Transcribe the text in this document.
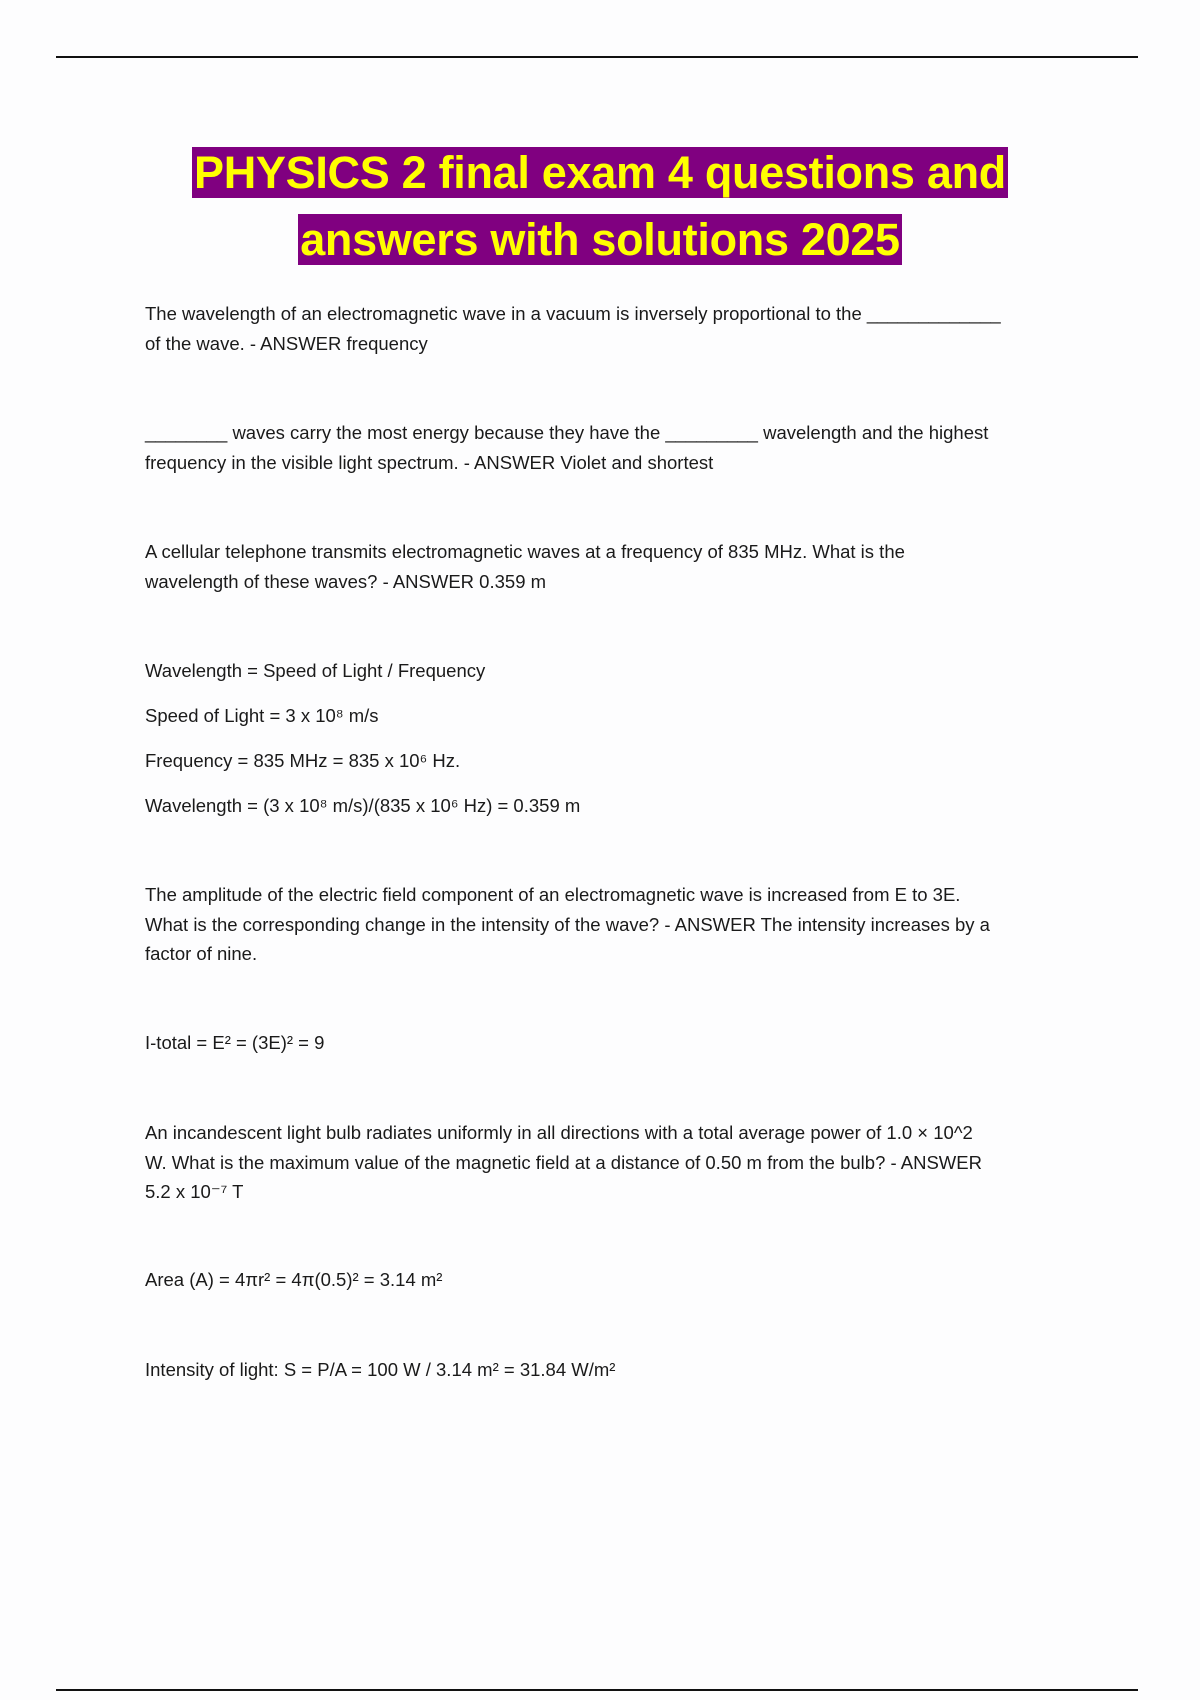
PHYSICS 2 final exam 4 questions and
answers with solutions 2025
The wavelength of an electromagnetic wave in a vacuum is inversely proportional to the _____________
of the wave. - ANSWER frequency
________ waves carry the most energy because they have the _________ wavelength and the highest
frequency in the visible light spectrum. - ANSWER Violet and shortest
A cellular telephone transmits electromagnetic waves at a frequency of 835 MHz. What is the
wavelength of these waves? - ANSWER 0.359 m
Wavelength = Speed of Light / Frequency
Speed of Light = 3 x 10⁸ m/s
Frequency = 835 MHz = 835 x 10⁶ Hz.
Wavelength = (3 x 10⁸ m/s)/(835 x 10⁶ Hz) = 0.359 m
The amplitude of the electric field component of an electromagnetic wave is increased from E to 3E.
What is the corresponding change in the intensity of the wave? - ANSWER The intensity increases by a
factor of nine.
I-total = E² = (3E)² = 9
An incandescent light bulb radiates uniformly in all directions with a total average power of 1.0 × 10^2
W. What is the maximum value of the magnetic field at a distance of 0.50 m from the bulb? - ANSWER
5.2 x 10⁻⁷ T
Area (A) = 4πr² = 4π(0.5)² = 3.14 m²
Intensity of light: S = P/A = 100 W / 3.14 m² = 31.84 W/m²
